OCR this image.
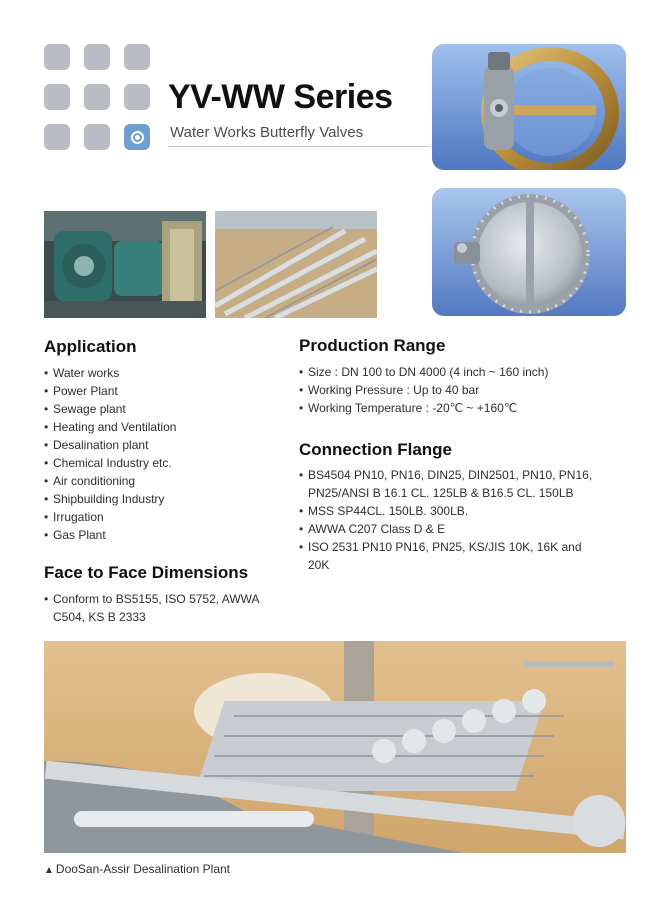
YV-WW Series
Water Works Butterfly Valves
Application
• Water works
• Power Plant
• Sewage plant
• Heating and Ventilation
• Desalination plant
• Chemical Industry etc.
• Air conditioning
• Shipbuilding Industry
• Irrugation
• Gas Plant
Face to Face Dimensions
• Conform to BS5155, ISO 5752, AWWA C504, KS B 2333
Production Range
• Size : DN 100 to DN 4000 (4 inch ~ 160 inch)
• Working Pressure : Up to 40 bar
• Working Temperature : -20℃ ~ +160℃
Connection Flange
• BS4504 PN10, PN16, DIN25, DIN2501, PN10, PN16, PN25/ANSI B 16.1 CL. 125LB & B16.5 CL. 150LB
• MSS SP44CL. 150LB. 300LB.
• AWWA C207 Class D & E
• ISO 2531 PN10 PN16, PN25, KS/JIS 10K, 16K and 20K
▲ DooSan-Assir Desalination Plant
